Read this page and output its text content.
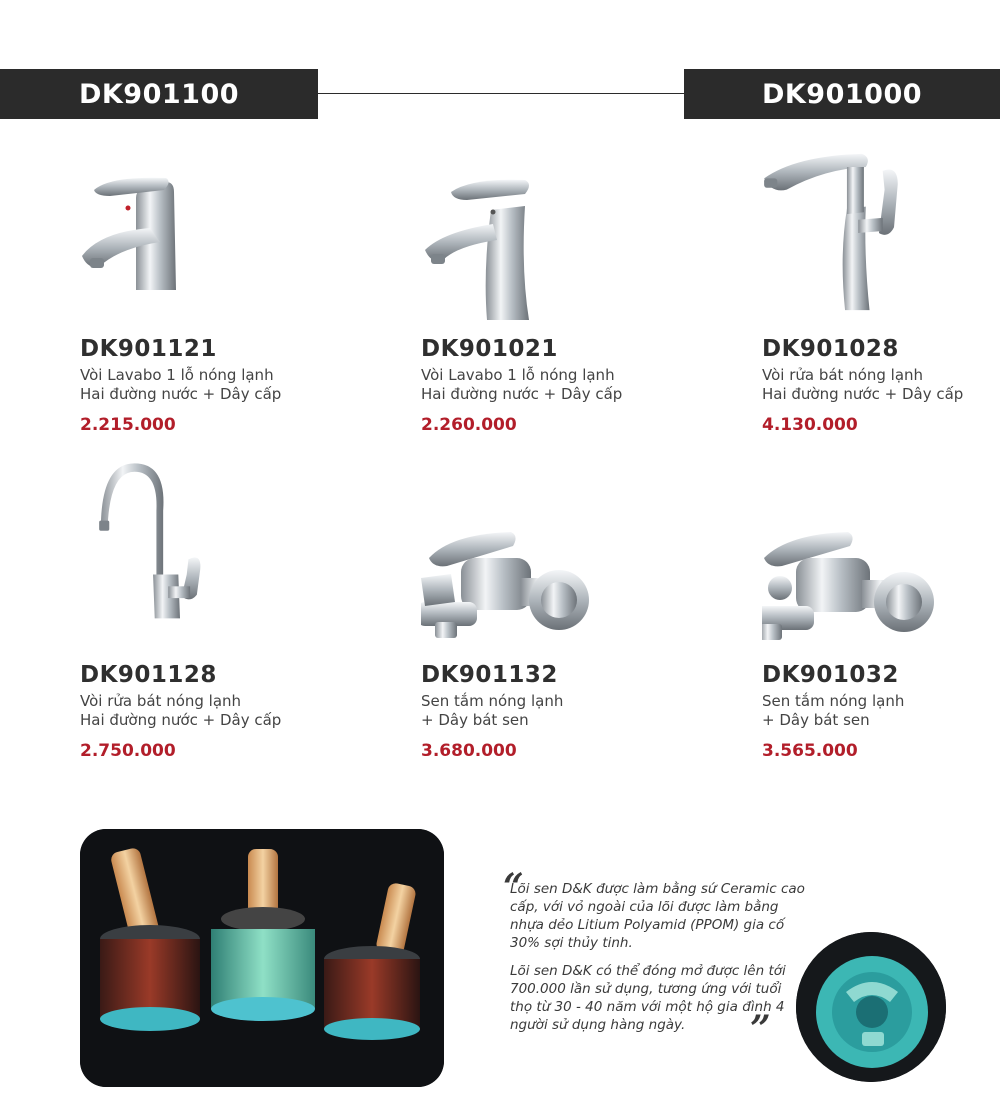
DK901100	DK901000
DK901121
Vòi Lavabo 1 lỗ nóng lạnh
Hai đường nước + Dây cấp
2.215.000
DK901021
Vòi Lavabo 1 lỗ nóng lạnh
Hai đường nước + Dây cấp
2.260.000
DK901028
Vòi rửa bát nóng lạnh
Hai đường nước + Dây cấp
4.130.000
DK901128
Vòi rửa bát nóng lạnh
Hai đường nước + Dây cấp
2.750.000
DK901132
Sen tắm nóng lạnh
+ Dây bát sen
3.680.000
DK901032
Sen tắm nóng lạnh
+ Dây bát sen
3.565.000
“

Lõi sen D&K được làm bằng sứ Ceramic cao cấp, với vỏ ngoài của lõi được làm bằng nhựa dẻo Litium Polyamid (PPOM) gia cố 30% sợi thủy tinh.

Lõi sen D&K có thể đóng mở được lên tới 700.000 lần sử dụng, tương ứng với tuổi thọ từ 30 - 40 năm với một hộ gia đình 4 người sử dụng hàng ngày.	”
